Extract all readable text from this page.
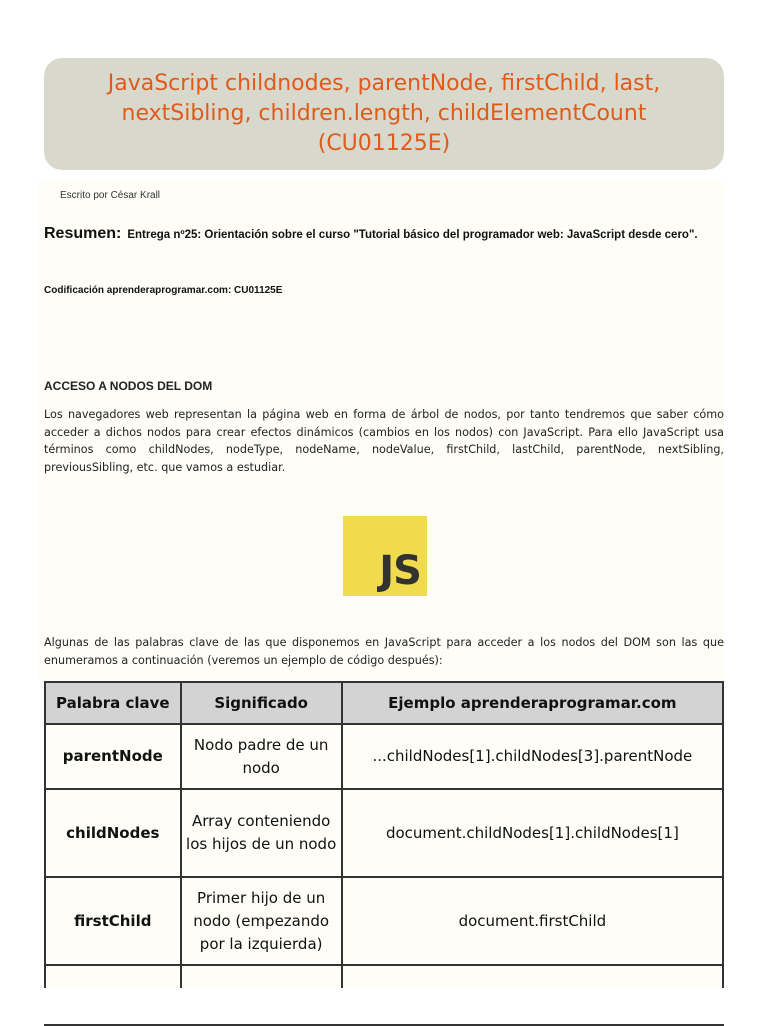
JavaScript childnodes, parentNode, firstChild, last, nextSibling, children.length, childElementCount (CU01125E)
Escrito por César Krall
Resumen: Entrega nº25: Orientación sobre el curso "Tutorial básico del programador web: JavaScript desde cero".
Codificación aprenderaprogramar.com: CU01125E
ACCESO A NODOS DEL DOM
Los navegadores web representan la página web en forma de árbol de nodos, por tanto tendremos que saber cómo acceder a dichos nodos para crear efectos dinámicos (cambios en los nodos) con JavaScript. Para ello JavaScript usa términos como childNodes, nodeType, nodeName, nodeValue, firstChild, lastChild, parentNode, nextSibling, previousSibling, etc. que vamos a estudiar.
JS
Algunas de las palabras clave de las que disponemos en JavaScript para acceder a los nodos del DOM son las que enumeramos a continuación (veremos un ejemplo de código después):
Palabra clave	Significado	Ejemplo aprenderaprogramar.com
parentNode	Nodo padre de un nodo	...childNodes[1].childNodes[3].parentNode
childNodes	Array conteniendo los hijos de un nodo	document.childNodes[1].childNodes[1]
firstChild	Primer hijo de un nodo (empezando por la izquierda)	document.firstChild
